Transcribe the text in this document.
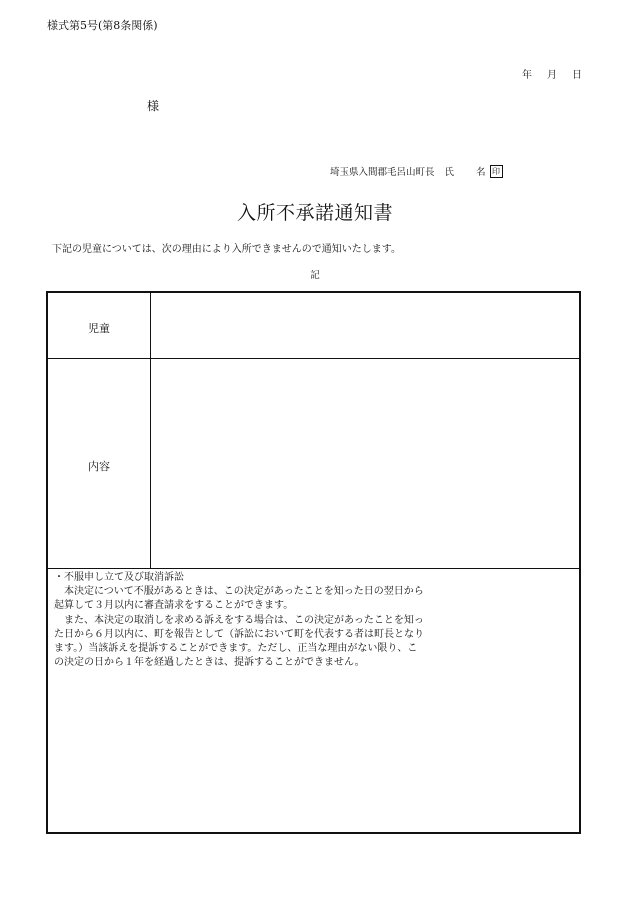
様式第5号(第8条関係)
年 月 日
様
埼玉県入間郡毛呂山町長 氏 名 印
入所不承諾通知書
下記の児童については、次の理由により入所できませんので通知いたします。
記
児童
内容
・不服申し立て及び取消訴訟
　本決定について不服があるときは、この決定があったことを知った日の翌日から
起算して３月以内に審査請求をすることができます。
　また、本決定の取消しを求める訴えをする場合は、この決定があったことを知っ
た日から６月以内に、町を報告として（訴訟において町を代表する者は町長となり
ます。）当該訴えを提訴することができます。ただし、正当な理由がない限り、こ
の決定の日から１年を経過したときは、提訴することができません。
